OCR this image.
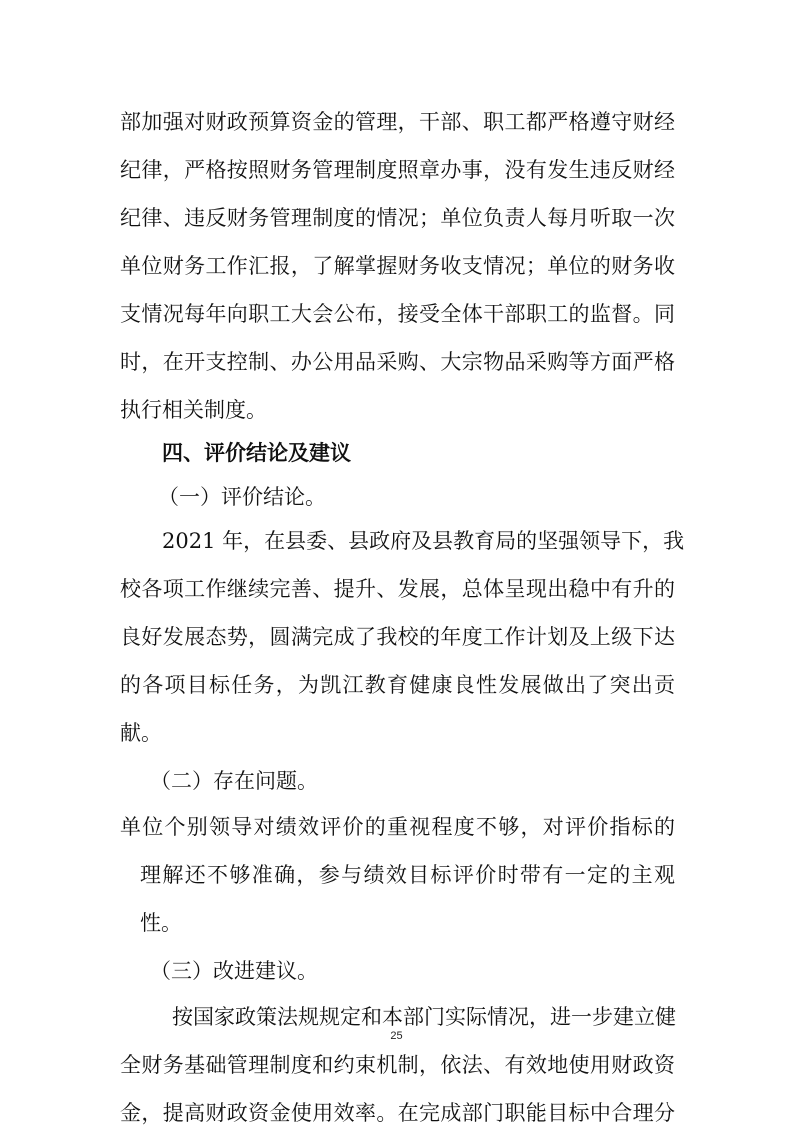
部加强对财政预算资金的管理，干部、职工都严格遵守财经
纪律，严格按照财务管理制度照章办事，没有发生违反财经
纪律、违反财务管理制度的情况；单位负责人每月听取一次
单位财务工作汇报，了解掌握财务收支情况；单位的财务收
支情况每年向职工大会公布，接受全体干部职工的监督。同
时，在开支控制、办公用品采购、大宗物品采购等方面严格
执行相关制度。
四、评价结论及建议
（一）评价结论。
2021 年，在县委、县政府及县教育局的坚强领导下，我
校各项工作继续完善、提升、发展，总体呈现出稳中有升的
良好发展态势，圆满完成了我校的年度工作计划及上级下达
的各项目标任务，为凯江教育健康良性发展做出了突出贡
献。
（二）存在问题。
单位个别领导对绩效评价的重视程度不够，对评价指标的
理解还不够准确，参与绩效目标评价时带有一定的主观
性。
（三）改进建议。
按国家政策法规规定和本部门实际情况，进一步建立健
全财务基础管理制度和约束机制，依法、有效地使用财政资
金，提高财政资金使用效率。在完成部门职能目标中合理分
25
